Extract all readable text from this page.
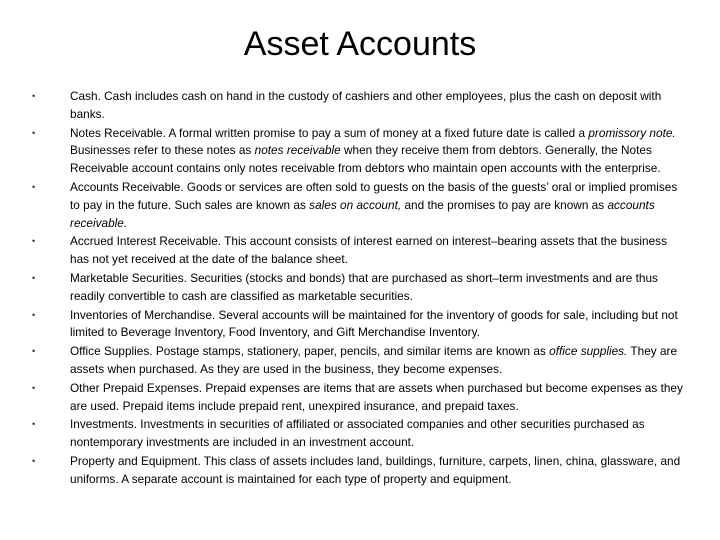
Asset Accounts
•	Cash. Cash includes cash on hand in the custody of cashiers and other employees, plus the cash on deposit with banks.
•	Notes Receivable. A formal written promise to pay a sum of money at a fixed future date is called a promissory note. Businesses refer to these notes as notes receivable when they receive them from debtors. Generally, the Notes Receivable account contains only notes receivable from debtors who maintain open accounts with the enterprise.
•	Accounts Receivable. Goods or services are often sold to guests on the basis of the guests’ oral or implied promises to pay in the future. Such sales are known as sales on account, and the promises to pay are known as accounts receivable.
•	Accrued Interest Receivable. This account consists of interest earned on interest–bearing assets that the business has not yet received at the date of the balance sheet.
•	Marketable Securities. Securities (stocks and bonds) that are purchased as short–term investments and are thus readily convertible to cash are classified as marketable securities.
•	Inventories of Merchandise. Several accounts will be maintained for the inventory of goods for sale, including but not limited to Beverage Inventory, Food Inventory, and Gift Merchandise Inventory.
•	Office Supplies. Postage stamps, stationery, paper, pencils, and similar items are known as office supplies. They are assets when purchased. As they are used in the business, they become expenses.
•	Other Prepaid Expenses. Prepaid expenses are items that are assets when purchased but become expenses as they are used. Prepaid items include prepaid rent, unexpired insurance, and prepaid taxes.
•	Investments. Investments in securities of affiliated or associated companies and other securities purchased as nontemporary investments are included in an investment account.
•	Property and Equipment. This class of assets includes land, buildings, furniture, carpets, linen, china, glassware, and uniforms. A separate account is maintained for each type of property and equipment.
